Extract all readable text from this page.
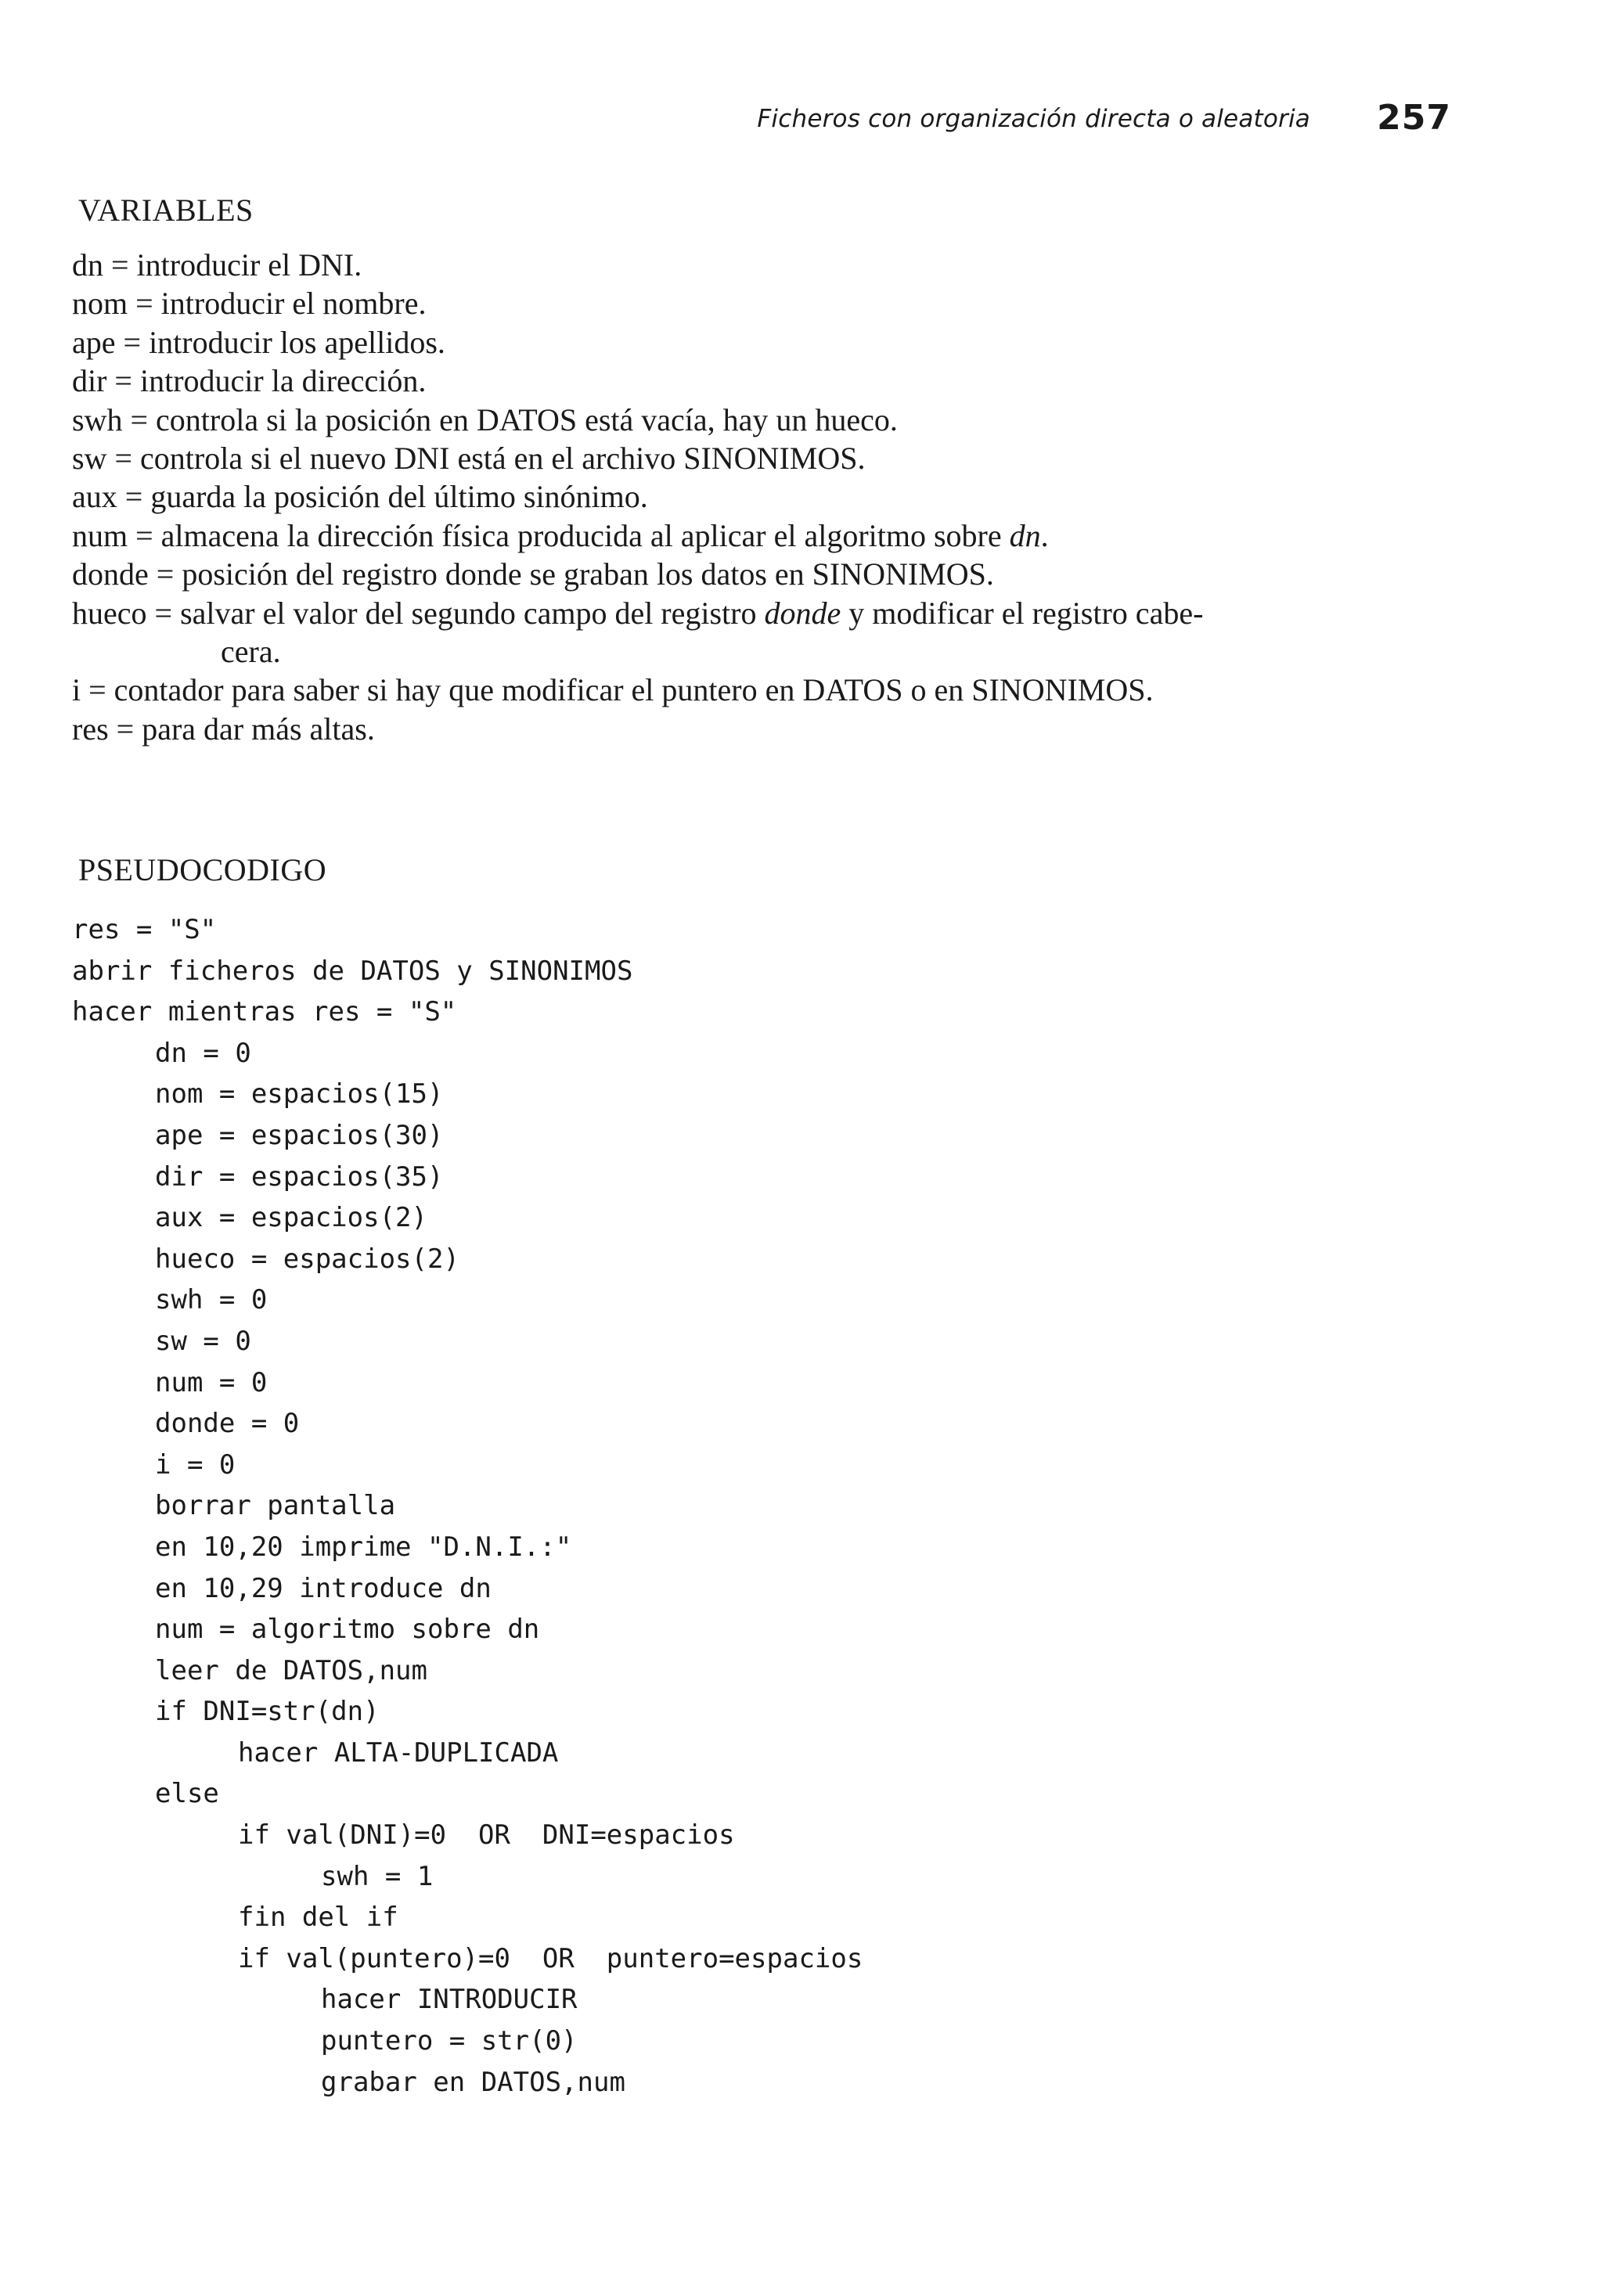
Ficheros con organización directa o aleatoria 257
VARIABLES
dn = introducir el DNI.
nom = introducir el nombre.
ape = introducir los apellidos.
dir = introducir la dirección.
swh = controla si la posición en DATOS está vacía, hay un hueco.
sw = controla si el nuevo DNI está en el archivo SINONIMOS.
aux = guarda la posición del último sinónimo.
num = almacena la dirección física producida al aplicar el algoritmo sobre dn.
donde = posición del registro donde se graban los datos en SINONIMOS.
hueco = salvar el valor del segundo campo del registro donde y modificar el registro cabe-
cera.
i = contador para saber si hay que modificar el puntero en DATOS o en SINONIMOS.
res = para dar más altas.
PSEUDOCODIGO
res = "S"
abrir ficheros de DATOS y SINONIMOS
hacer mientras res = "S"
dn = 0
nom = espacios(15)
ape = espacios(30)
dir = espacios(35)
aux = espacios(2)
hueco = espacios(2)
swh = 0
sw = 0
num = 0
donde = 0
i = 0
borrar pantalla
en 10,20 imprime "D.N.I.:"
en 10,29 introduce dn
num = algoritmo sobre dn
leer de DATOS,num
if DNI=str(dn)
hacer ALTA-DUPLICADA
else
if val(DNI)=0  OR  DNI=espacios
swh = 1
fin del if
if val(puntero)=0  OR  puntero=espacios
hacer INTRODUCIR
puntero = str(0)
grabar en DATOS,num
